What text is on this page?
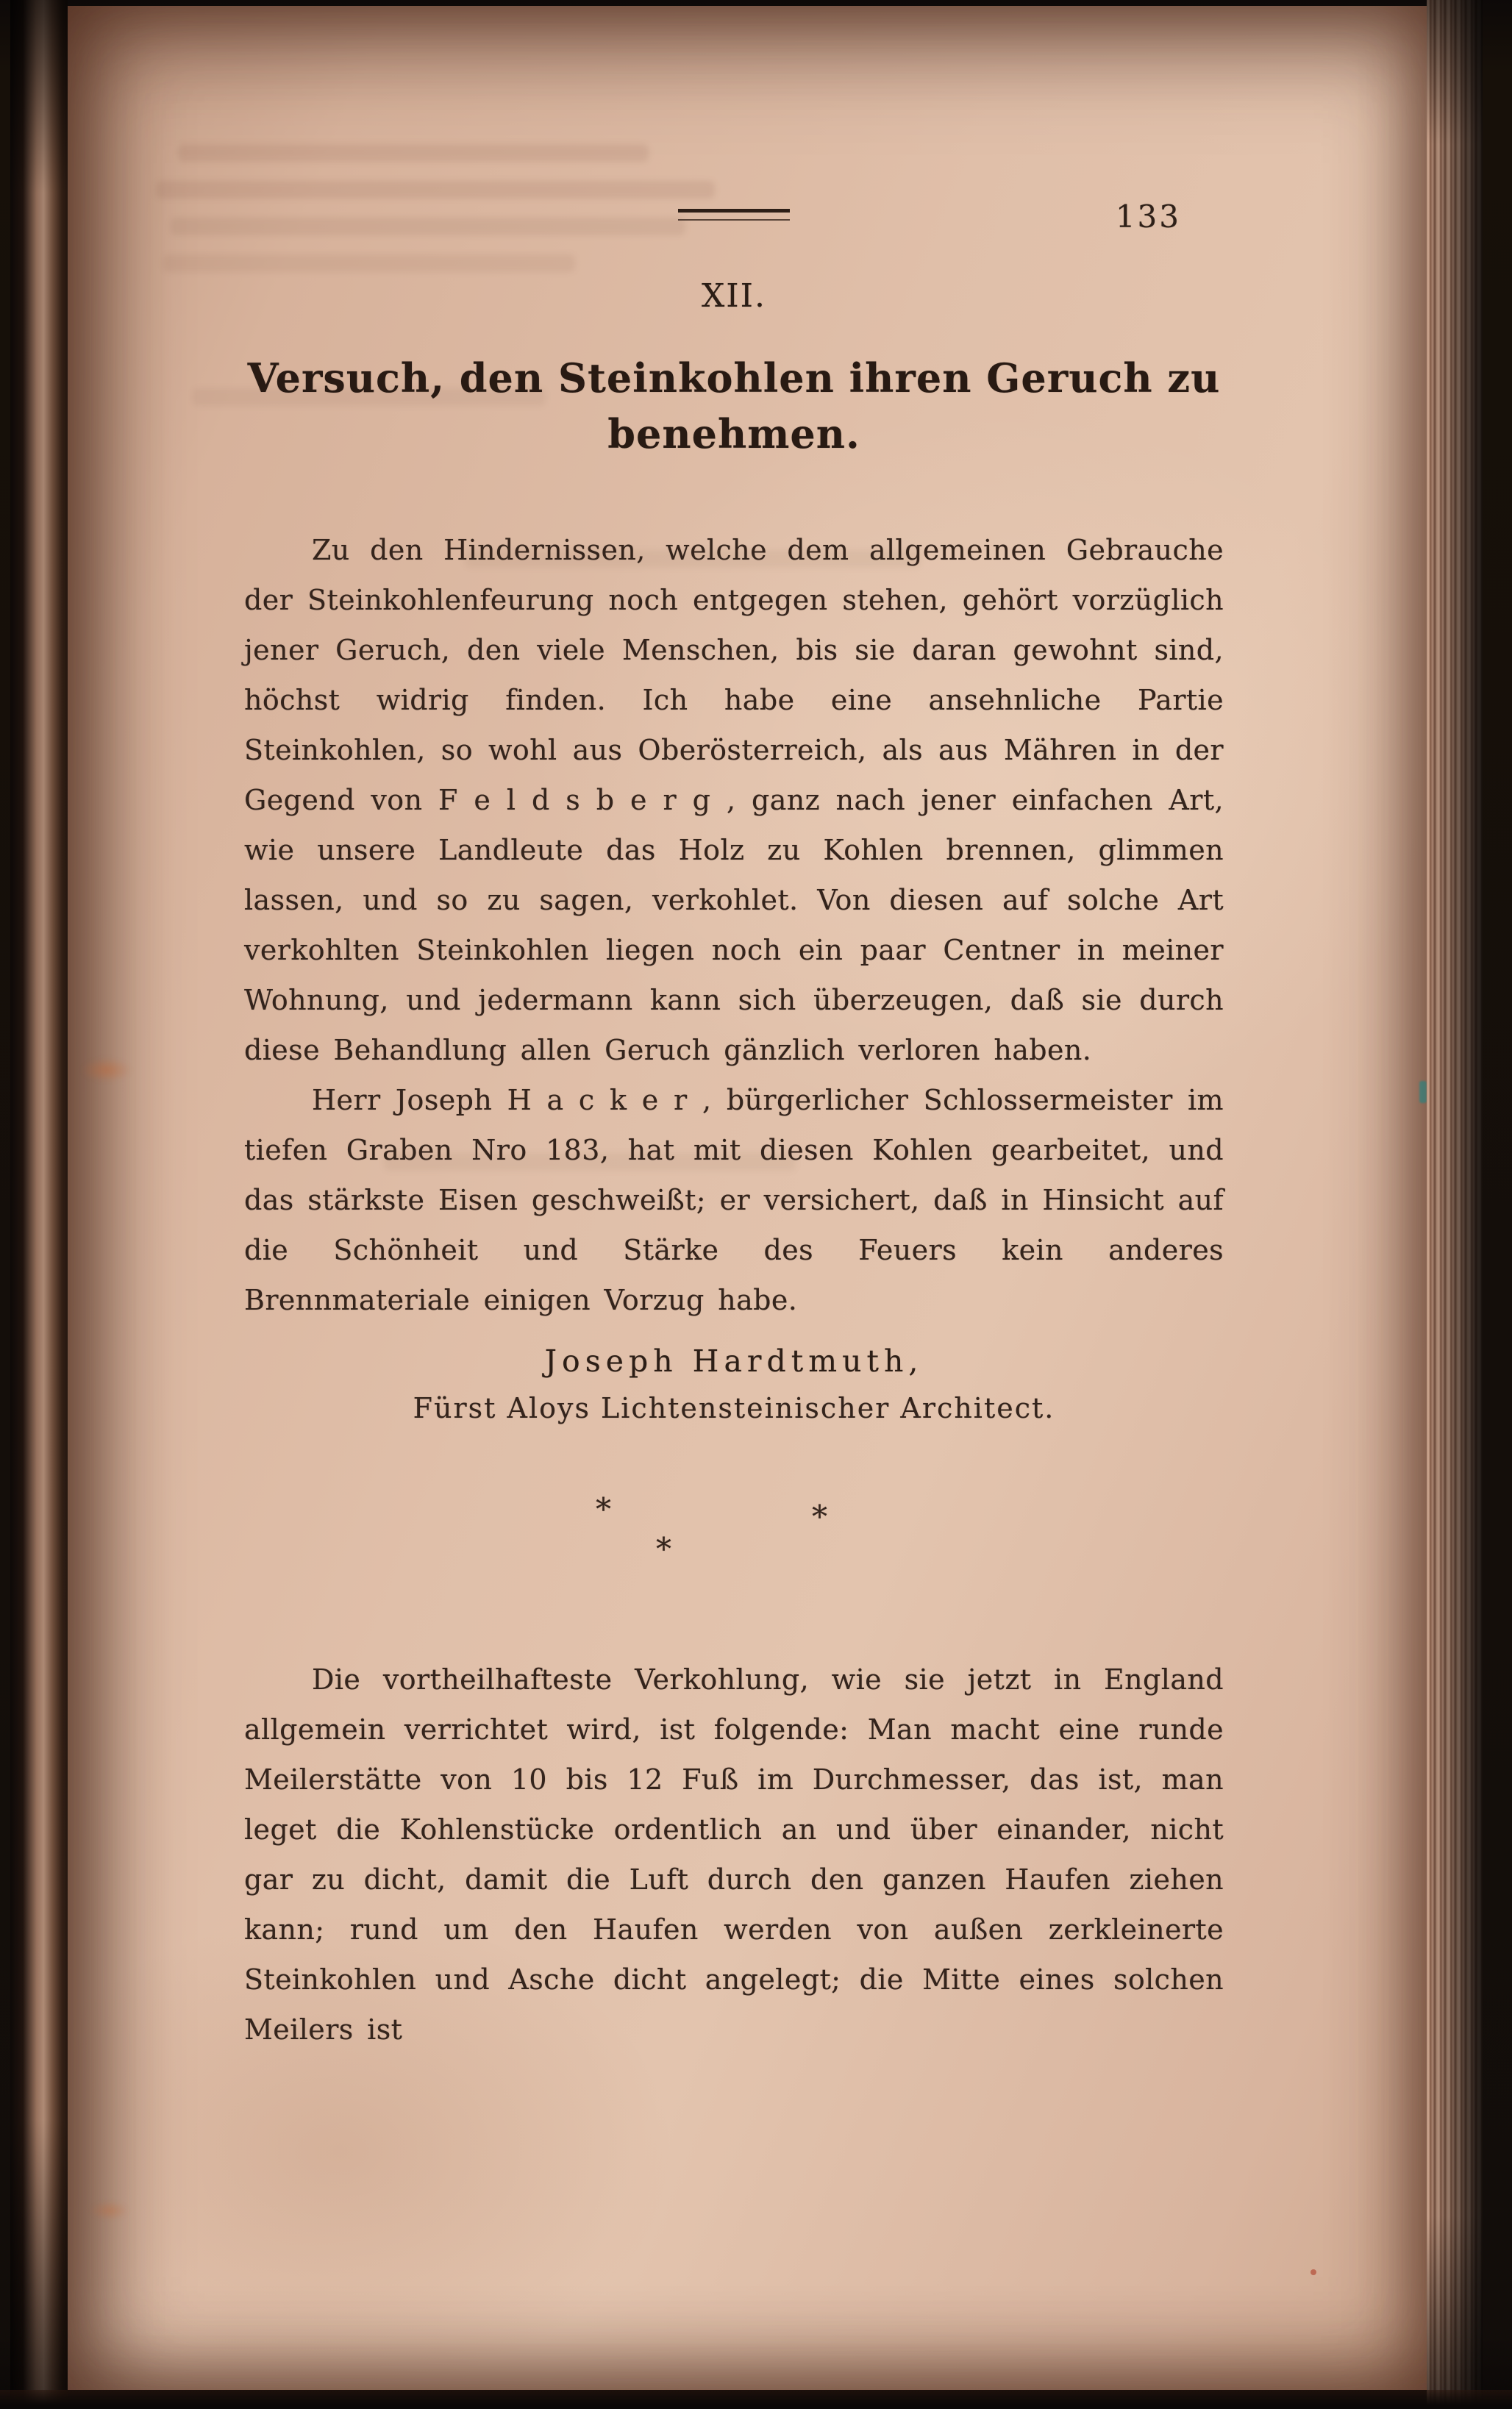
133
XII.
Versuch, den Steinkohlen ihren Geruch zu
benehmen.

Zu den Hindernissen, welche dem allgemeinen Gebrauche der Steinkohlenfeurung noch entgegen stehen, gehört vorzüglich jener Geruch, den viele Menschen, bis sie daran gewohnt sind, höchst widrig finden. Ich habe eine ansehnliche Partie Steinkohlen, so wohl aus Oberösterreich, als aus Mähren in der Gegend von F e l d s b e r g , ganz nach jener einfachen Art, wie unsere Landleute das Holz zu Kohlen brennen, glimmen lassen, und so zu sagen, verkohlet. Von diesen auf solche Art verkohlten Steinkohlen liegen noch ein paar Centner in meiner Wohnung, und jedermann kann sich überzeugen, daß sie durch diese Behandlung allen Geruch gänzlich verloren haben.

Herr Joseph H a c k e r , bürgerlicher Schlossermeister im tiefen Graben Nro 183, hat mit diesen Kohlen gearbeitet, und das stärkste Eisen geschweißt; er versichert, daß in Hinsicht auf die Schönheit und Stärke des Feuers kein anderes Brennmateriale einigen Vorzug habe.

Joseph Hardtmuth,
Fürst Aloys Lichtensteinischer Architect.
*	*
*

Die vortheilhafteste Verkohlung, wie sie jetzt in England allgemein verrichtet wird, ist folgende: Man macht eine runde Meilerstätte von 10 bis 12 Fuß im Durchmesser, das ist, man leget die Kohlenstücke ordentlich an und über einander, nicht gar zu dicht, damit die Luft durch den ganzen Haufen ziehen kann; rund um den Haufen werden von außen zerkleinerte Steinkohlen und Asche dicht angelegt; die Mitte eines solchen Meilers ist
